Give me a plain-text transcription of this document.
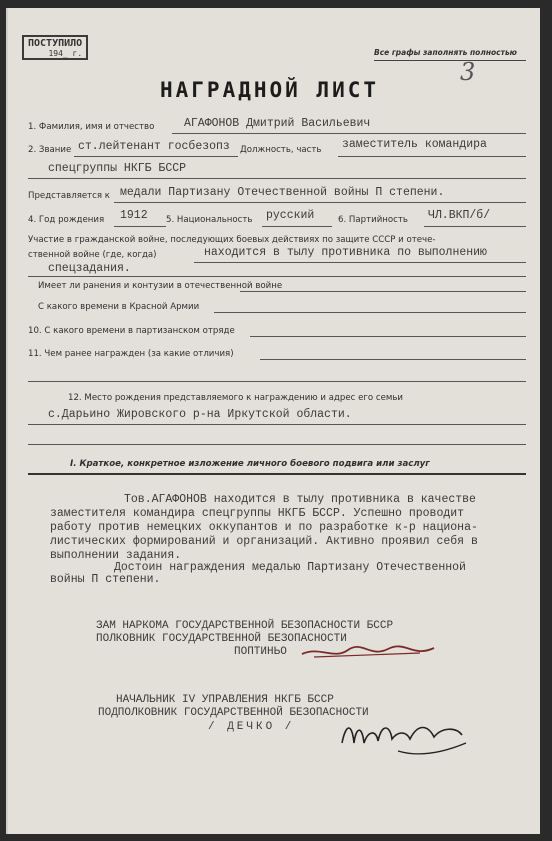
ПОСТУПИЛО
194_ г.	Все графы заполнять полностью
3
НАГРАДНОЙ ЛИСТ
1. Фамилия, имя и отчество	АГАФОНОВ Дмитрий Васильевич
2. Звание ст.лейтенант госбезопз Должность, часть заместитель командира
спецгруппы НКГБ БССР
Представляется к медали Партизану Отечественной войны П степени.
4. Год рождения 1912 5. Национальность русский	6. Партийность ЧЛ.ВКП/б/
Участие в гражданской войне, последующих боевых действиях по защите СССР и отече-
ственной войне (где, когда)	находится в тылу противника по выполнению
спецзадания.
Имеет ли ранения и контузии в отечественной войне
С какого времени в Красной Армии
10. С какого времени в партизанском отряде
11. Чем ранее награжден (за какие отличия)
12. Место рождения представляемого к награждению и адрес его семьи
с.Дарьино Жировского р-на Иркутской области.
I. Краткое, конкретное изложение личного боевого подвига или заслуг
Тов.АГАФОНОВ находится в тылу противника в качестве
заместителя командира спецгруппы НКГБ БССР. Успешно проводит
работу против немецких оккупантов и по разработке к-р национа-
листических формирований и организаций. Активно проявил себя в
выполнении задания.
Достоин награждения медалью Партизану Отечественной
войны П степени.
ЗАМ НАРКОМА ГОСУДАРСТВЕННОЙ БЕЗОПАСНОСТИ БССР
ПОЛКОВНИК ГОСУДАРСТВЕННОЙ БЕЗОПАСНОСТИ
ПОПТИНЬО
НАЧАЛЬНИК IV УПРАВЛЕНИЯ НКГБ БССР
ПОДПОЛКОВНИК ГОСУДАРСТВЕННОЙ БЕЗОПАСНОСТИ
/ ДЕЧКО /
